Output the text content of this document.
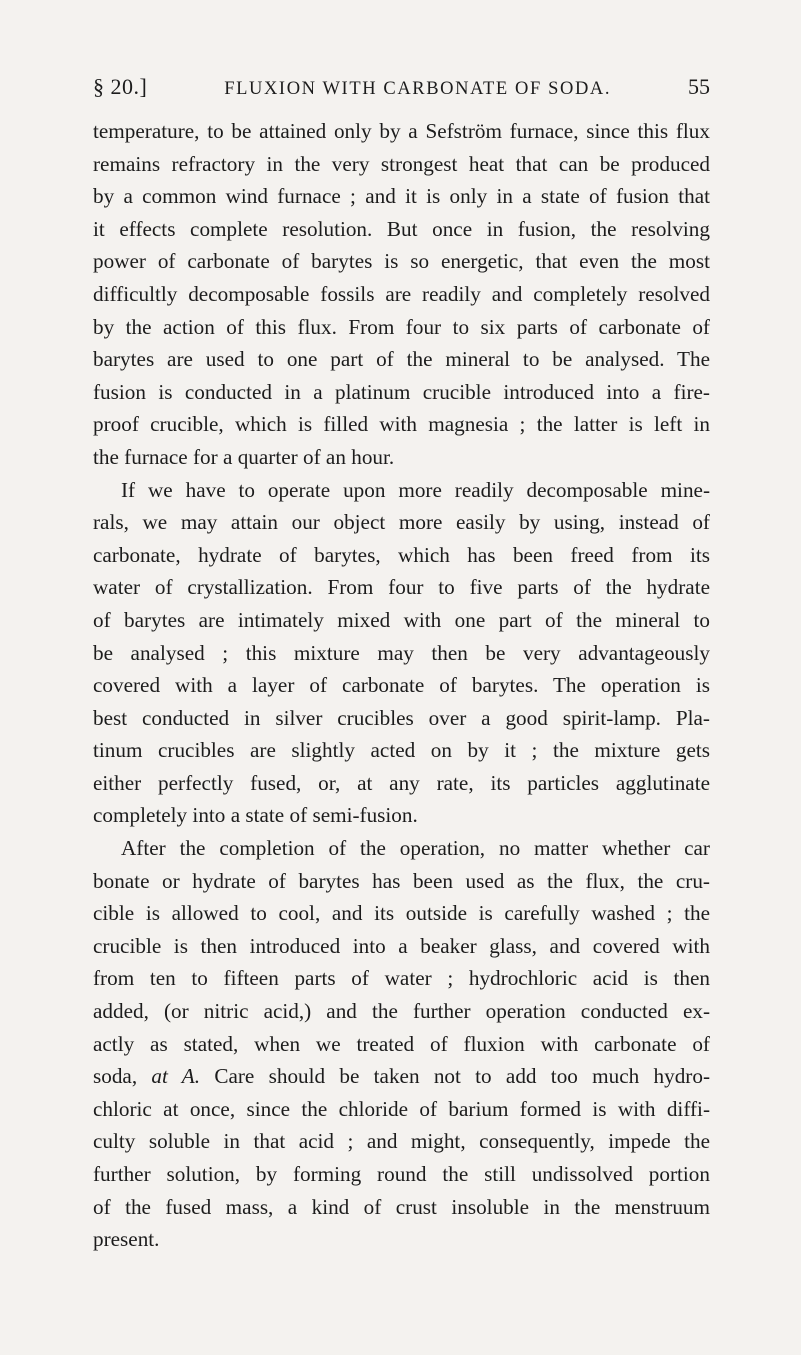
§ 20.]	FLUXION WITH CARBONATE OF SODA.	55
temperature, to be attained only by a Sefström furnace, since this flux
remains refractory in the very strongest heat that can be produced
by a common wind furnace ; and it is only in a state of fusion that
it effects complete resolution. But once in fusion, the resolving
power of carbonate of barytes is so energetic, that even the most
difficultly decomposable fossils are readily and completely resolved
by the action of this flux. From four to six parts of carbonate of
barytes are used to one part of the mineral to be analysed. The
fusion is conducted in a platinum crucible introduced into a fire-
proof crucible, which is filled with magnesia ; the latter is left in
the furnace for a quarter of an hour.
If we have to operate upon more readily decomposable mine-
rals, we may attain our object more easily by using, instead of
carbonate, hydrate of barytes, which has been freed from its
water of crystallization. From four to five parts of the hydrate
of barytes are intimately mixed with one part of the mineral to
be analysed ; this mixture may then be very advantageously
covered with a layer of carbonate of barytes. The operation is
best conducted in silver crucibles over a good spirit-lamp. Pla-
tinum crucibles are slightly acted on by it ; the mixture gets
either perfectly fused, or, at any rate, its particles agglutinate
completely into a state of semi-fusion.
After the completion of the operation, no matter whether car
bonate or hydrate of barytes has been used as the flux, the cru-
cible is allowed to cool, and its outside is carefully washed ; the
crucible is then introduced into a beaker glass, and covered with
from ten to fifteen parts of water ; hydrochloric acid is then
added, (or nitric acid,) and the further operation conducted ex-
actly as stated, when we treated of fluxion with carbonate of
soda, at A. Care should be taken not to add too much hydro-
chloric at once, since the chloride of barium formed is with diffi-
culty soluble in that acid ; and might, consequently, impede the
further solution, by forming round the still undissolved portion
of the fused mass, a kind of crust insoluble in the menstruum
present.
